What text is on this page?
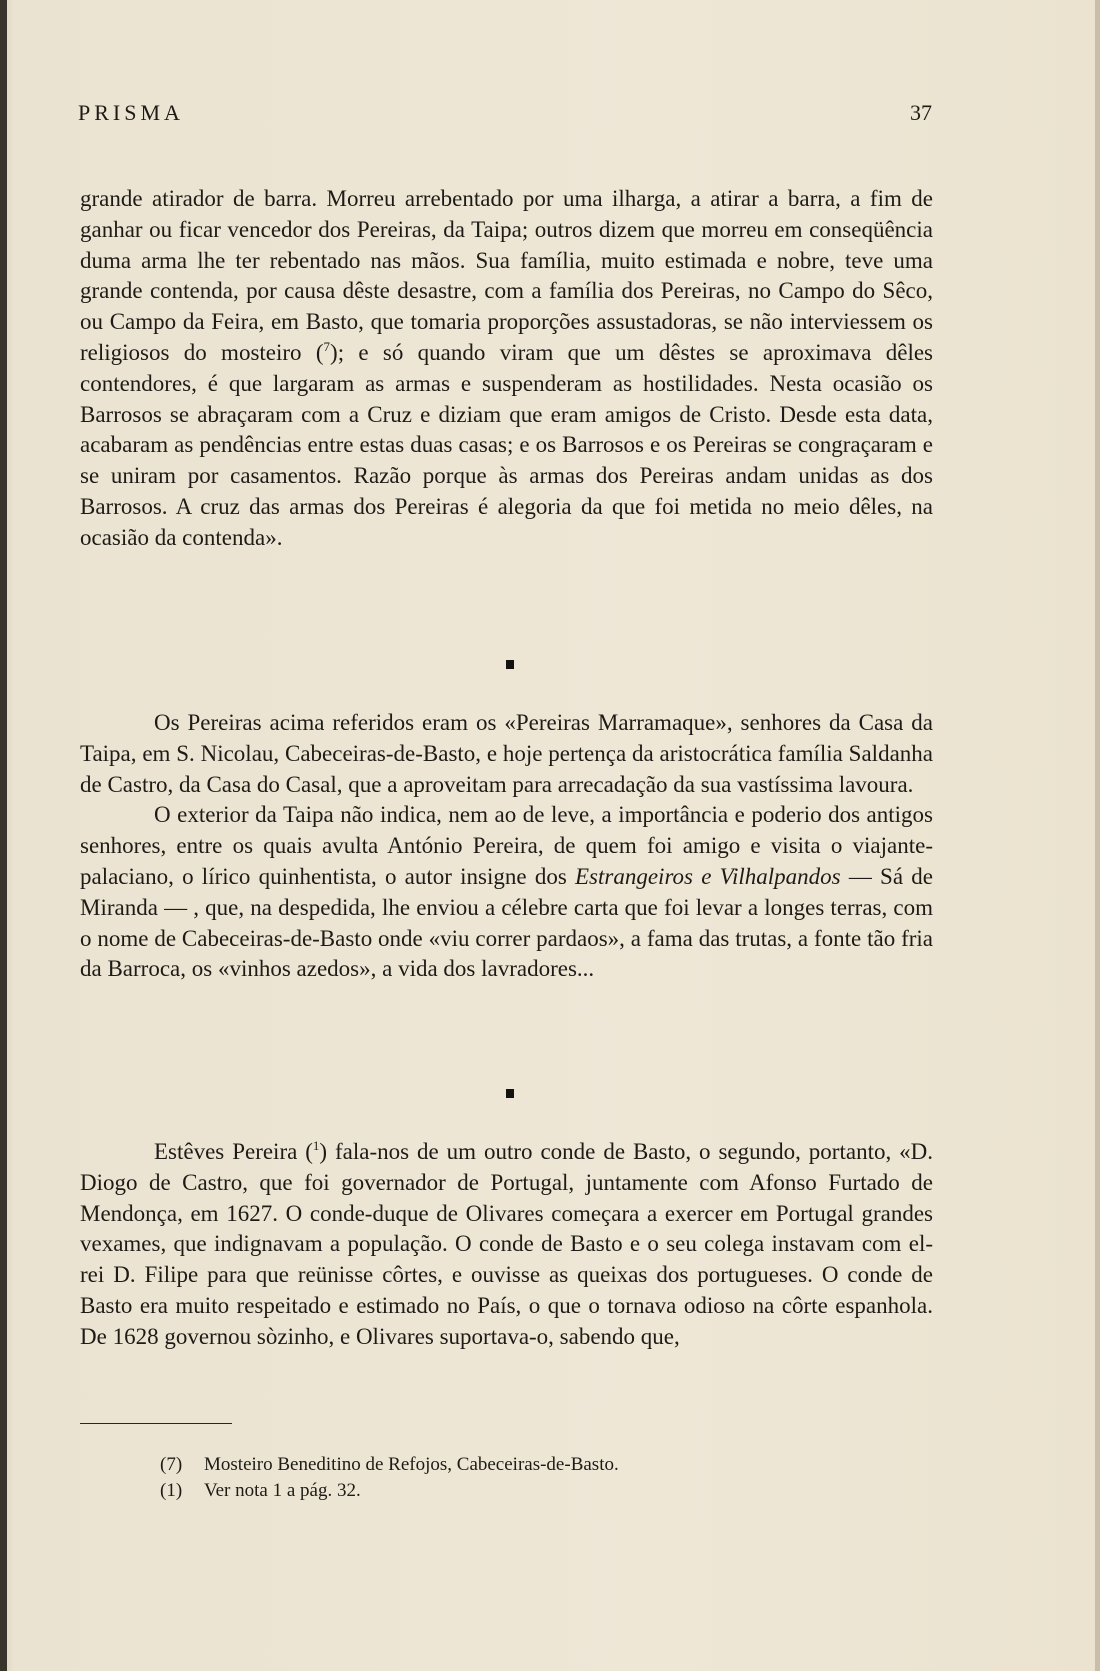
PRISMA	37

grande atirador de barra. Morreu arrebentado por uma ilharga, a atirar a barra, a fim de ganhar ou ficar vencedor dos Pereiras, da Taipa; outros dizem que morreu em conseqüência duma arma lhe ter rebentado nas mãos. Sua família, muito estimada e nobre, teve uma grande contenda, por causa dêste desastre, com a família dos Pereiras, no Campo do Sêco, ou Campo da Feira, em Basto, que tomaria proporções assustadoras, se não interviessem os religiosos do mosteiro ($^7$); e só quando viram que um dêstes se aproximava dêles contendores, é que largaram as armas e suspenderam as hostilidades. Nesta ocasião os Barrosos se abraçaram com a Cruz e diziam que eram amigos de Cristo. Desde esta data, acabaram as pendências entre estas duas casas; e os Barrosos e os Pereiras se congraçaram e se uniram por casamentos. Razão porque às armas dos Pereiras andam unidas as dos Barrosos. A cruz das armas dos Pereiras é alegoria da que foi metida no meio dêles, na ocasião da contenda».

Os Pereiras acima referidos eram os «Pereiras Marramaque», senhores da Casa da Taipa, em S. Nicolau, Cabeceiras-de-Basto, e hoje pertença da aristocrática família Saldanha de Castro, da Casa do Casal, que a aproveitam para arrecadação da sua vastíssima lavoura.

O exterior da Taipa não indica, nem ao de leve, a importância e poderio dos antigos senhores, entre os quais avulta António Pereira, de quem foi amigo e visita o viajante-palaciano, o lírico quinhentista, o autor insigne dos Estrangeiros e Vilhalpandos — Sá de Miranda — , que, na despedida, lhe enviou a célebre carta que foi levar a longes terras, com o nome de Cabeceiras-de-Basto onde «viu correr pardaos», a fama das trutas, a fonte tão fria da Barroca, os «vinhos azedos», a vida dos lavradores...

Estêves Pereira ($^1$) fala-nos de um outro conde de Basto, o segundo, portanto, «D. Diogo de Castro, que foi governador de Portugal, juntamente com Afonso Furtado de Mendonça, em 1627. O conde-duque de Olivares começara a exercer em Portugal grandes vexames, que indignavam a população. O conde de Basto e o seu colega instavam com el-rei D. Filipe para que reünisse côrtes, e ouvisse as queixas dos portugueses. O conde de Basto era muito respeitado e estimado no País, o que o tornava odioso na côrte espanhola. De 1628 governou sòzinho, e Olivares suportava-o, sabendo que,

(7)	Mosteiro Beneditino de Refojos, Cabeceiras-de-Basto.
(1)	Ver nota 1 a pág. 32.
